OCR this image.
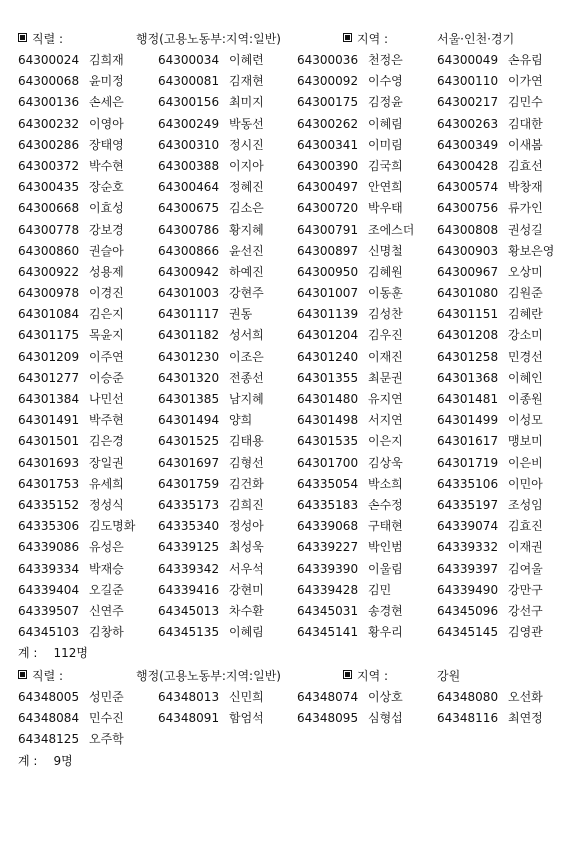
직렬 :	행정(고용노동부:지역:일반)	지역 :	서울·인천·경기
64300024 김희재	64300034 이혜련	64300036 천정은	64300049 손유림
64300068 윤미정	64300081 김재현	64300092 이수영	64300110 이가연
64300136 손세은	64300156 최미지	64300175 김정윤	64300217 김민수
64300232 이영아	64300249 박동선	64300262 이혜림	64300263 김대한
64300286 장태영	64300310 정시진	64300341 이미림	64300349 이새봄
64300372 박수현	64300388 이지아	64300390 김국희	64300428 김효선
64300435 장순호	64300464 정혜진	64300497 안연희	64300574 박창재
64300668 이효성	64300675 김소은	64300720 박우태	64300756 류가인
64300778 강보경	64300786 황지혜	64300791 조에스더 64300808 권성길
64300860 권슬아	64300866 윤선진	64300897 신명철	64300903 황보은영
64300922 성용제	64300942 하예진	64300950 김혜원	64300967 오상미
64300978 이경진	64301003 강현주	64301007 이동훈	64301080 김원준
64301084 김은지	64301117 권동	64301139 김성찬	64301151 김혜란
64301175 목윤지	64301182 성서희	64301204 김우진	64301208 강소미
64301209 이주연	64301230 이조은	64301240 이재진	64301258 민경선
64301277 이승준	64301320 전종선	64301355 최문권	64301368 이혜인
64301384 나민선	64301385 남지혜	64301480 유지연	64301481 이종원
64301491 박주현	64301494 양희	64301498 서지연	64301499 이성모
64301501 김은경	64301525 김태용	64301535 이은지	64301617 맹보미
64301693 장일권	64301697 김형선	64301700 김상욱	64301719 이은비
64301753 유세희	64301759 김건화	64335054 박소희	64335106 이민아
64335152 정성식	64335173 김희진	64335183 손수정	64335197 조성임
64335306 김도명화 64335340 정성아	64339068 구태현	64339074 김효진
64339086 유성은	64339125 최성욱	64339227 박인범	64339332 이재권
64339334 박재승	64339342 서우석	64339390 이울림	64339397 김여울
64339404 오길준	64339416 강현미	64339428 김민	64339490 강만구
64339507 신연주	64345013 차수환	64345031 송경현	64345096 강선구
64345103 김창하	64345135 이혜림	64345141 황우리	64345145 김영관
계 : 112명
직렬 :	행정(고용노동부:지역:일반)	지역 :	강원
64348005 성민준	64348013 신민희	64348074 이상호	64348080 오선화
64348084 민수진	64348091 함엄석	64348095 심형섭	64348116 최연정
64348125 오주학
계 : 9명
